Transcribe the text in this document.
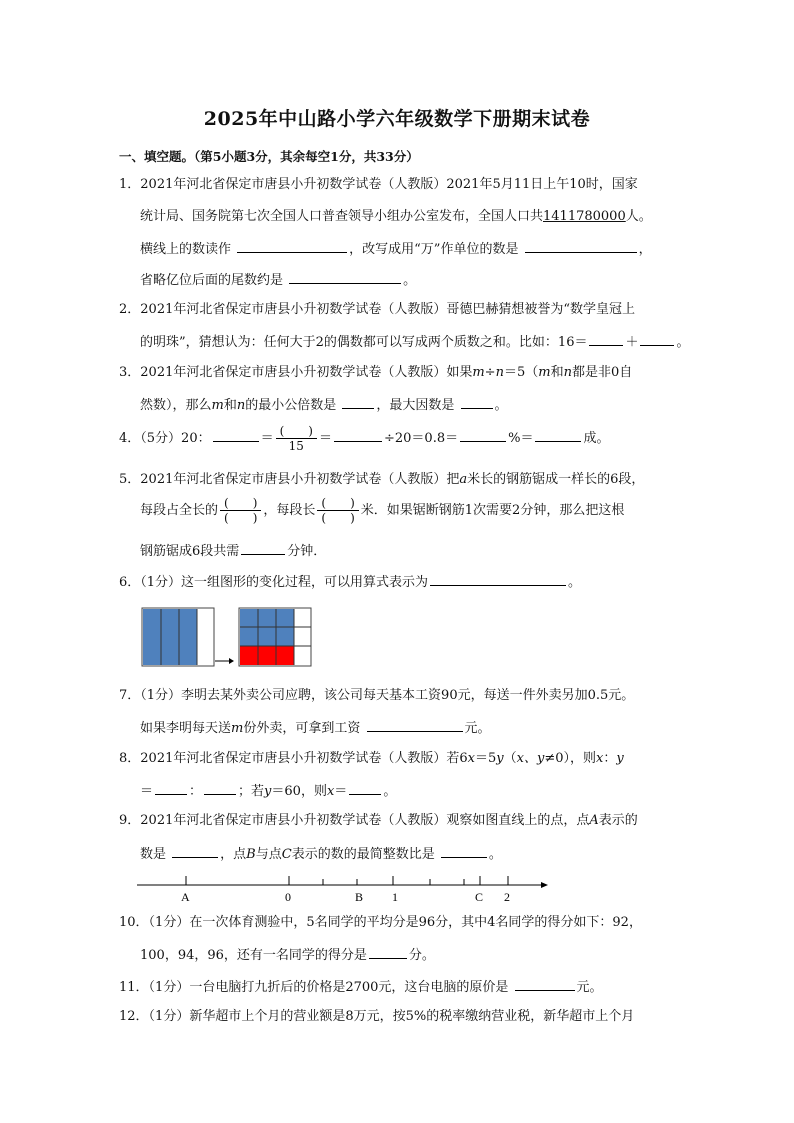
2025年中山路小学六年级数学下册期末试卷
一、填空题。（第5小题3分，其余每空1分，共33分）
1．2021年河北省保定市唐县小升初数学试卷（人教版）2021年5月11日上午10时，国家
统计局、国务院第七次全国人口普查领导小组办公室发布，全国人口共1411780000人。
横线上的数读作	，改写成用“万”作单位的数是	，
省略亿位后面的尾数约是	。
2．2021年河北省保定市唐县小升初数学试卷（人教版）哥德巴赫猜想被誉为“数学皇冠上
的明珠”，猜想认为：任何大于2的偶数都可以写成两个质数之和。比如：16＝	＋	。
3．2021年河北省保定市唐县小升初数学试卷（人教版）如果m÷n＝5（m和n都是非0自
然数），那么m和n的最小公倍数是	，最大因数是	。
4．（5分）20：	＝ $\frac{( )}{15}$ ＝	÷20＝0.8＝	%＝	成。
5．2021年河北省保定市唐县小升初数学试卷（人教版）把a米长的钢筋锯成一样长的6段，
每段占全长的 $\frac{( )}{( )}$ ，每段长 $\frac{( )}{( )}$ 米．如果锯断钢筋1次需要2分钟，那么把这根
钢筋锯成6段共需	分钟．
6．（1分）这一组图形的变化过程，可以用算式表示为	。
7．（1分）李明去某外卖公司应聘，该公司每天基本工资90元，每送一件外卖另加0.5元。
如果李明每天送m份外卖，可拿到工资	元。
8．2021年河北省保定市唐县小升初数学试卷（人教版）若6x＝5y（x、y≠0），则x：y
＝	：	；若y＝60，则x＝	。
9．2021年河北省保定市唐县小升初数学试卷（人教版）观察如图直线上的点，点A表示的
数是	，点B与点C表示的数的最简整数比是	。
A	0	B 1	C 2
10．（1分）在一次体育测验中，5名同学的平均分是96分，其中4名同学的得分如下：92，
100，94，96，还有一名同学的得分是	分。
11．（1分）一台电脑打九折后的价格是2700元，这台电脑的原价是	元。
12．（1分）新华超市上个月的营业额是8万元，按5%的税率缴纳营业税，新华超市上个月
